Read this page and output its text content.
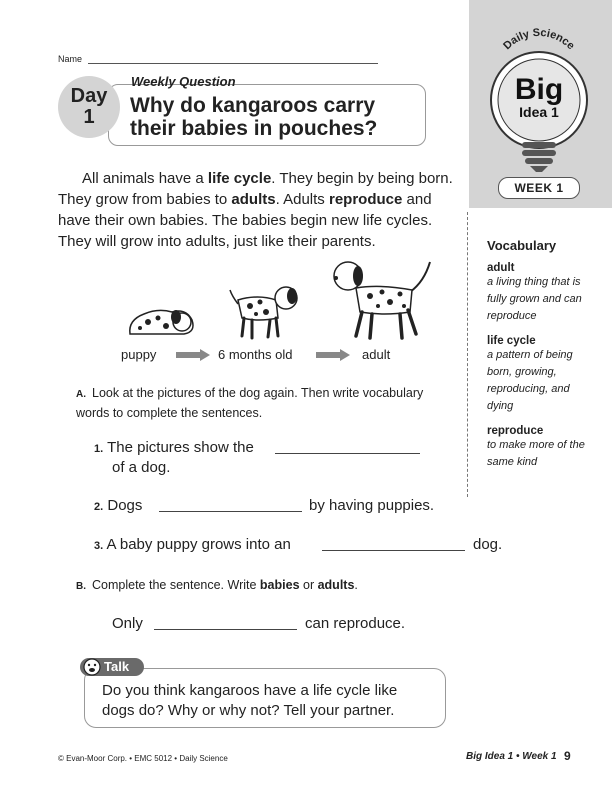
Name
Daily Science
Big
Idea 1
WEEK 1
Day
1
Weekly Question
Why do kangaroos carry their babies in pouches?

All animals have a life cycle. They begin by being born. They grow from babies to adults. Adults reproduce and have their own babies. The babies begin new life cycles. They will grow into adults, just like their parents.	Vocabulary
adult
a living thing that is fully grown and can reproduce
life cycle
a pattern of being born, growing, reproducing, and dying
reproduce
to make more of the same kind
puppy	6 months old	adult
A. Look at the pictures of the dog again. Then write vocabulary words to complete the sentences.
1. The pictures show the
of a dog.
2. Dogs	by having puppies.
3. A baby puppy grows into an	dog.
B. Complete the sentence. Write babies or adults.
Only	can reproduce.
Talk
Do you think kangaroos have a life cycle like dogs do? Why or why not? Tell your partner.
© Evan-Moor Corp. • EMC 5012 • Daily Science	Big Idea 1 • Week 1 9
